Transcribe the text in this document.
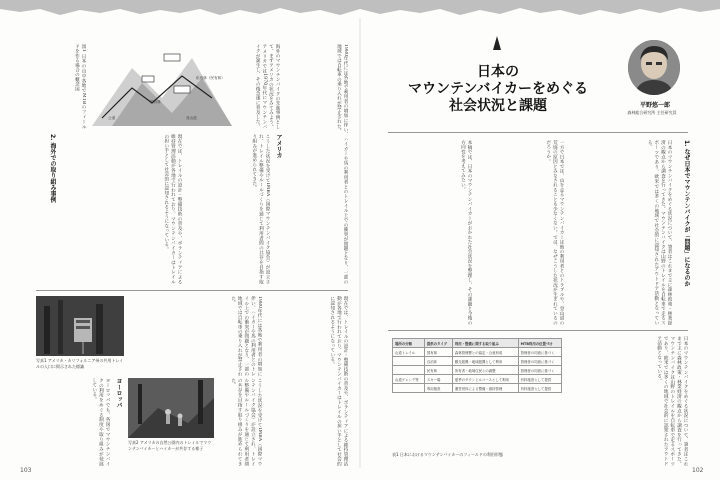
日本の
マウンテンバイカーをめぐる
社会状況と課題	平野悠一郎
森林総合研究所 主任研究員
1. なぜ日本でマウンテンバイクが「問題」になるのか
日本のマウンテンバイクをめぐる状況について、筆者はこれまで主に森林政策・林業経済の観点から調査を行ってきた。マウンテンバイクは山野のトレイルを自転車で走るスポーツであり、欧米では多くの地域で社会的に認知されたアウトドア活動となっている。
一方で日本では、山を走るマウンテンバイカーは他の利用者とのトラブルや、登山道の荒廃の原因とみなされることも少なくない。では、なぜこうした状況が生まれているのだろうか。
本稿では、日本のマウンテンバイカーがおかれた社会状況を整理し、その課題と今後の方向性を考えてみたい。
日本のマウンテンバイクをめぐる状況について、筆者はこれまで主に森林政策・林業経済の観点から調査を行ってきた。マウンテンバイクは山野のトレイルを自転車で走るスポーツであり、欧米では多くの地域で社会的に認知されたアウトドア活動となっている。
場所の分類	提供のタイプ	利用・整備に関する取り組み	MTB利用の位置づけ
山道トレイル	国有林	森林管理署との協定・合意形成	管理者の同意に基づく
	自治体	観光振興・地域振興として利用	管理者の同意に基づく
	民有林	所有者・地域住民との調整	管理者の同意に基づく
山道ゲレンデ等	スキー場	夏季のダウンヒルコースとして利用	有料施設として提供
	専用施設	運営団体による整備・維持管理	有料施設として提供
表1 日本におけるマウンテンバイカーのフィールドの利用形態
102
公道
私有林（民有林）
国有林
登山道
図1 日本の山中各地でMTBのフィールドを作る場合の概念図	海外のマウンテンバイクの先進事例として、まずアメリカの状況をみてみよう。アメリカでは1970年代にマウンテンバイクが誕生し、その後急速に普及した。
2. 海外での取り組み事例	1980年代には各地で利用者の増加に伴い、ハイカーや馬の利用者とのトレイル上での衝突が問題となり、一部の地域では自転車の乗り入れが禁止された。
アメリカ
こうした状況を受けてIMBA（国際マウンテンバイク協会）が設立され、トレイル整備やルールづくりを通じて利用者間の共存を目指す取り組みが進められてきた。
現在では、トレイルの設計・整備技術の普及や、ボランティアによる維持管理活動が各地で行われており、マウンテンバイカーはトレイルの担い手として社会的に認知されるようになっている。
写真1 アメリカ・カリフォルニア州の共用トレイルの入口に掲示された標識	現在では、トレイルの設計・整備技術の普及や、ボランティアによる維持管理活動が各地で行われており、マウンテンバイカーはトレイルの担い手として社会的に認知されるようになっている。
1980年代には各地で利用者の増加に伴い、ハイカーや馬の利用者とのトレイル上での衝突が問題となり、一部の地域では自転車の乗り入れが禁止された。
写真2 アメリカの自然公園内のトレイルでマウンテンバイカーとハイカーが共存する様子
ヨーロッパ
ヨーロッパでも、各国でマウンテンバイクの利用をめぐる制度や取り組みが発展している。	こうした状況を受けてIMBA（国際マウンテンバイク協会）が設立され、トレイル整備やルールづくりを通じて利用者間の共存を目指す取り組みが進められてきた。
103
